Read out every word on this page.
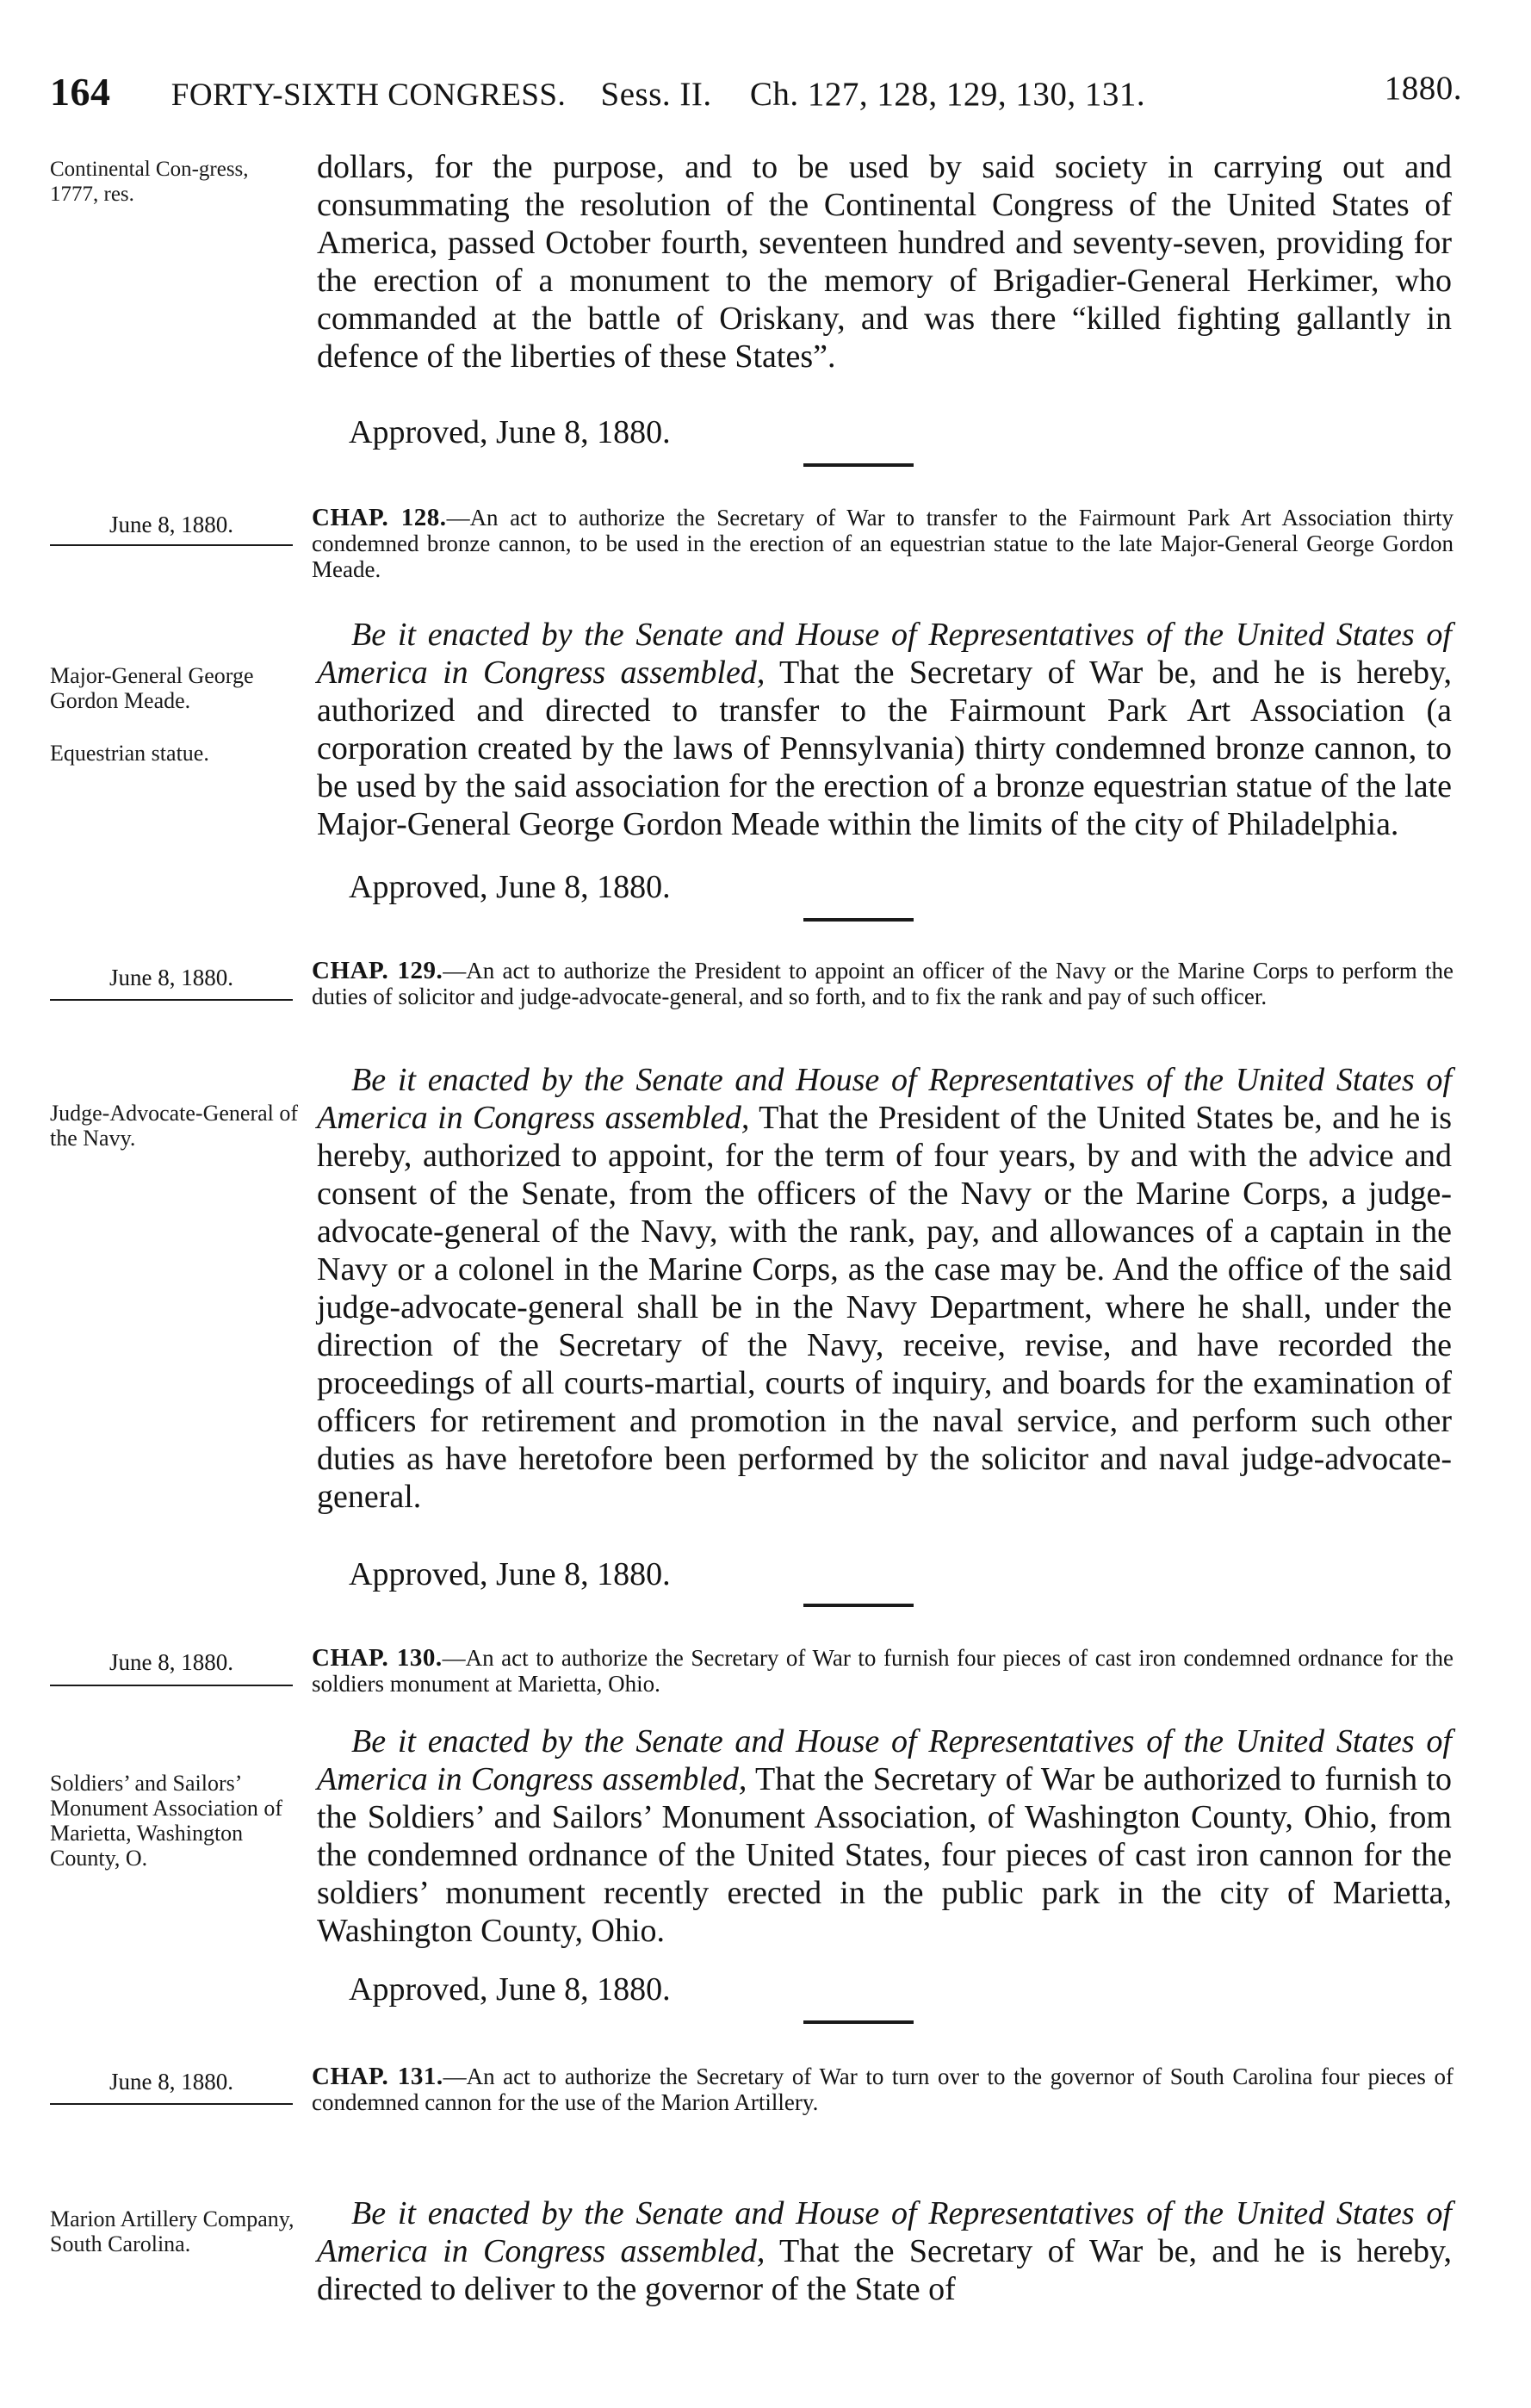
164 FORTY-SIXTH CONGRESS. Sess. II. Ch. 127, 128, 129, 130, 131.	1880.
Continental Con-gress, 1777, res.
dollars, for the purpose, and to be used by said society in carrying out and consummating the resolution of the Continental Congress of the United States of America, passed October fourth, seventeen hundred and seventy-seven, providing for the erection of a monument to the memory of Brigadier-General Herkimer, who commanded at the battle of Oriskany, and was there “killed fighting gallantly in defence of the liberties of these States”.
Approved, June 8, 1880.
June 8, 1880.	CHAP. 128.—An act to authorize the Secretary of War to transfer to the Fairmount Park Art Association thirty condemned bronze cannon, to be used in the erection of an equestrian statue to the late Major-General George Gordon Meade.
Major-General George Gordon Meade.
Equestrian statue.
Be it enacted by the Senate and House of Representatives of the United States of America in Congress assembled, That the Secretary of War be, and he is hereby, authorized and directed to transfer to the Fairmount Park Art Association (a corporation created by the laws of Pennsylvania) thirty condemned bronze cannon, to be used by the said association for the erection of a bronze equestrian statue of the late Major-General George Gordon Meade within the limits of the city of Philadelphia.
Approved, June 8, 1880.
June 8, 1880.	CHAP. 129.—An act to authorize the President to appoint an officer of the Navy or the Marine Corps to perform the duties of solicitor and judge-advocate-general, and so forth, and to fix the rank and pay of such officer.
Judge-Advocate-General of the Navy.
Be it enacted by the Senate and House of Representatives of the United States of America in Congress assembled, That the President of the United States be, and he is hereby, authorized to appoint, for the term of four years, by and with the advice and consent of the Senate, from the officers of the Navy or the Marine Corps, a judge-advocate-general of the Navy, with the rank, pay, and allowances of a captain in the Navy or a colonel in the Marine Corps, as the case may be. And the office of the said judge-advocate-general shall be in the Navy Department, where he shall, under the direction of the Secretary of the Navy, receive, revise, and have recorded the proceedings of all courts-martial, courts of inquiry, and boards for the examination of officers for retirement and promotion in the naval service, and perform such other duties as have heretofore been performed by the solicitor and naval judge-advocate-general.
Approved, June 8, 1880.
June 8, 1880.	CHAP. 130.—An act to authorize the Secretary of War to furnish four pieces of cast iron condemned ordnance for the soldiers monument at Marietta, Ohio.
Soldiers’ and Sailors’ Monument Association of Marietta, Washington County, O.
Be it enacted by the Senate and House of Representatives of the United States of America in Congress assembled, That the Secretary of War be authorized to furnish to the Soldiers’ and Sailors’ Monument Association, of Washington County, Ohio, from the condemned ordnance of the United States, four pieces of cast iron cannon for the soldiers’ monument recently erected in the public park in the city of Marietta, Washington County, Ohio.
Approved, June 8, 1880.
June 8, 1880.	CHAP. 131.—An act to authorize the Secretary of War to turn over to the governor of South Carolina four pieces of condemned cannon for the use of the Marion Artillery.
Marion Artillery Company, South Carolina.
Be it enacted by the Senate and House of Representatives of the United States of America in Congress assembled, That the Secretary of War be, and he is hereby, directed to deliver to the governor of the State of
